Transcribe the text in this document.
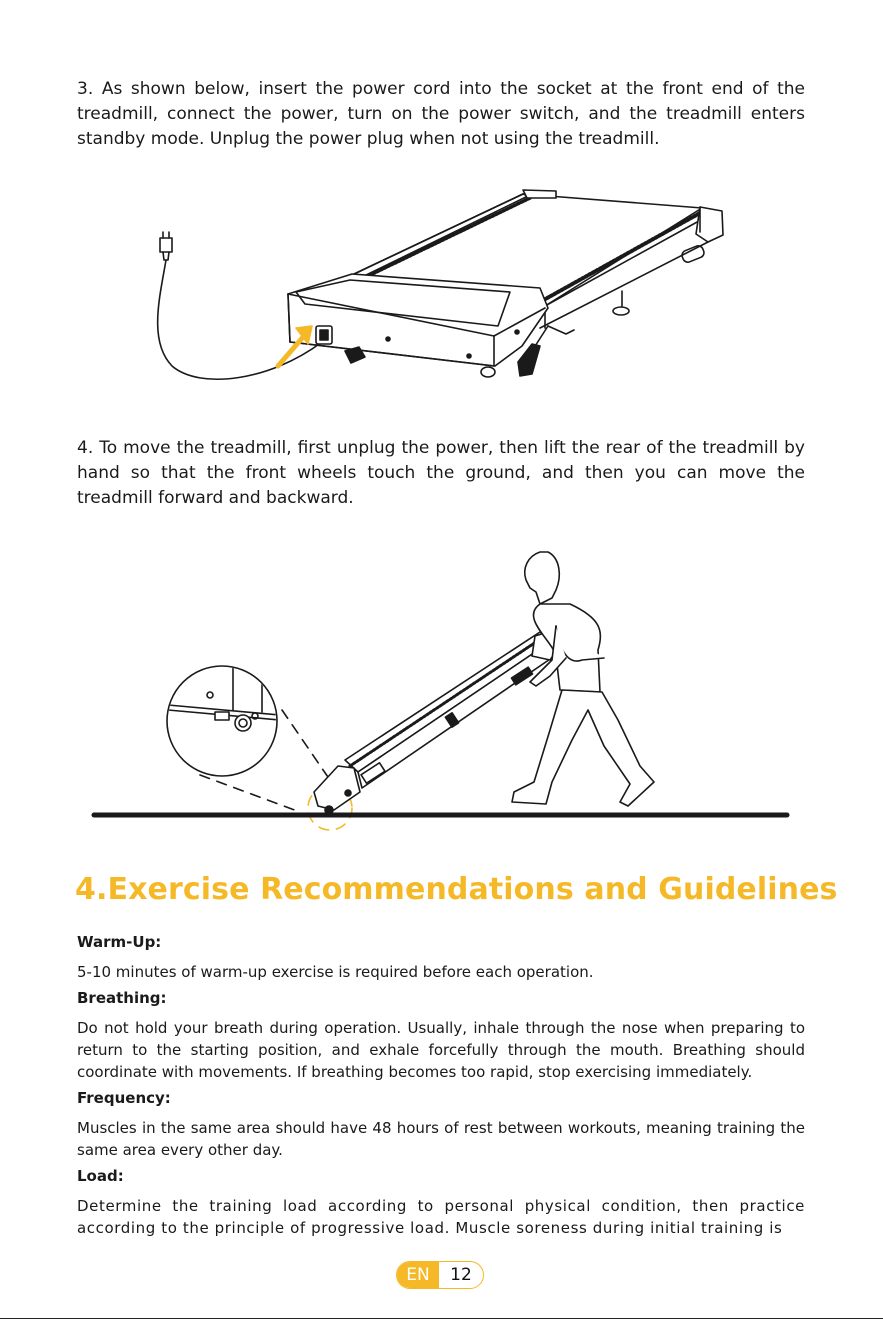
3. As shown below, insert the power cord into the socket at the front end of the treadmill, connect the power, turn on the power switch, and the treadmill enters standby mode. Unplug the power plug when not using the treadmill.

4. To move the treadmill, first unplug the power, then lift the rear of the treadmill by hand so that the front wheels touch the ground, and then you can move the treadmill forward and backward.

4.Exercise Recommendations and Guidelines

Warm-Up:

5-10 minutes of warm-up exercise is required before each operation.

Breathing:

Do not hold your breath during operation. Usually, inhale through the nose when preparing to return to the starting position, and exhale forcefully through the mouth. Breathing should coordinate with movements. If breathing becomes too rapid, stop exercising immediately.

Frequency:

Muscles in the same area should have 48 hours of rest between workouts, meaning training the same area every other day.

Load:

Determine the training load according to personal physical condition, then practice according to the principle of progressive load. Muscle soreness during initial training is

EN	12
